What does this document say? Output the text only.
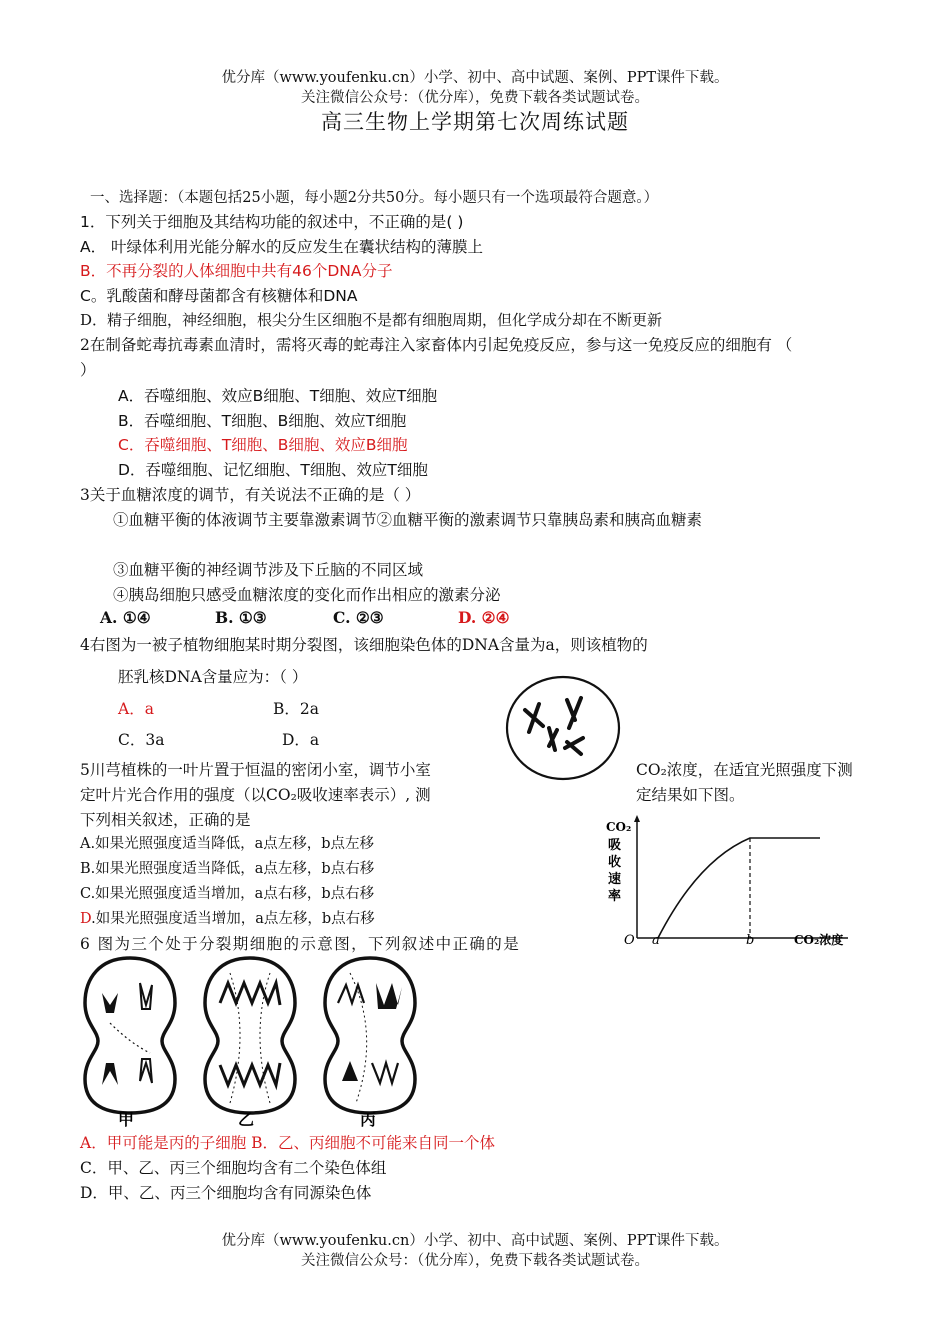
优分库（www.youfenku.cn）小学、初中、高中试题、案例、PPT课件下载。
关注微信公众号：（优分库），免费下载各类试题试卷。
高三生物上学期第七次周练试题
一、选择题：（本题包括25小题，每小题2分共50分。每小题只有一个选项最符合题意。）
1．下列关于细胞及其结构功能的叙述中，不正确的是( )
A． 叶绿体利用光能分解水的反应发生在囊状结构的薄膜上
B．不再分裂的人体细胞中共有46个DNA分子
C。乳酸菌和酵母菌都含有核糖体和DNA
D．精子细胞，神经细胞，根尖分生区细胞不是都有细胞周期，但化学成分却在不断更新
2在制备蛇毒抗毒素血清时，需将灭毒的蛇毒注入家畜体内引起免疫反应，参与这一免疫反应的细胞有 （
）
A．吞噬细胞、效应B细胞、T细胞、效应T细胞
B．吞噬细胞、T细胞、B细胞、效应T细胞
C．吞噬细胞、T细胞、B细胞、效应B细胞
D．吞噬细胞、记忆细胞、T细胞、效应T细胞
3关于血糖浓度的调节，有关说法不正确的是（ ）
①血糖平衡的体液调节主要靠激素调节②血糖平衡的激素调节只靠胰岛素和胰高血糖素
③血糖平衡的神经调节涉及下丘脑的不同区域
④胰岛细胞只感受血糖浓度的变化而作出相应的激素分泌
A. ①④	B. ①③	C. ②③	D. ②④
4右图为一被子植物细胞某时期分裂图，该细胞染色体的DNA含量为a，则该植物的
胚乳核DNA含量应为：（ ）
A．a	B．2a
C．3a	D．a
5川芎植株的一叶片置于恒温的密闭小室，调节小室	CO₂浓度，在适宜光照强度下测
定叶片光合作用的强度（以CO₂吸收速率表示）, 测	定结果如下图。
下列相关叙述，正确的是
A.如果光照强度适当降低，a点左移，b点左移
B.如果光照强度适当降低，a点左移，b点右移
C.如果光照强度适当增加，a点右移，b点右移
D.如果光照强度适当增加，a点左移，b点右移
CO₂
吸
收
速
率
O a	b	CO₂浓度
6 图为三个处于分裂期细胞的示意图，下列叙述中正确的是
甲	乙	丙
A．甲可能是丙的子细胞 B．乙、丙细胞不可能来自同一个体
C．甲、乙、丙三个细胞均含有二个染色体组
D．甲、乙、丙三个细胞均含有同源染色体
优分库（www.youfenku.cn）小学、初中、高中试题、案例、PPT课件下载。
关注微信公众号：（优分库），免费下载各类试题试卷。
